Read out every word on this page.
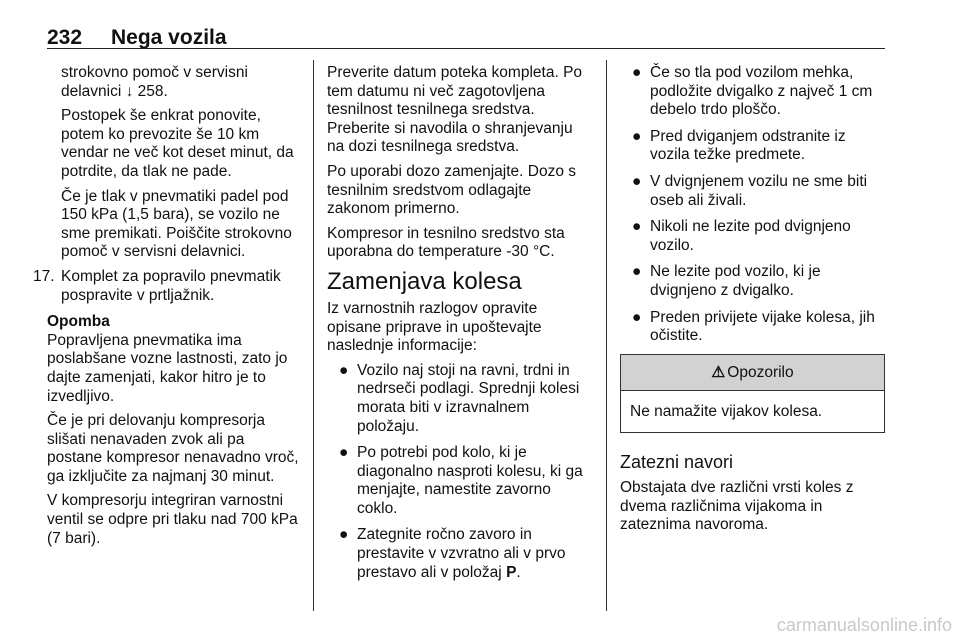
232 Nega vozila

strokovno pomoč v servisni delavnici ↓ 258.

Postopek še enkrat ponovite, potem ko prevozite še 10 km vendar ne več kot deset minut, da potrdite, da tlak ne pade.

Če je tlak v pnevmatiki padel pod 150 kPa (1,5 bara), se vozilo ne sme premikati. Poiščite strokovno pomoč v servisni delavnici.

17. Komplet za popravilo pnevmatik pospravite v prtljažnik.

Opomba

Popravljena pnevmatika ima poslabšane vozne lastnosti, zato jo dajte zamenjati, kakor hitro je to izvedljivo.

Če je pri delovanju kompresorja slišati nenavaden zvok ali pa postane kompresor nenavadno vroč, ga izključite za najmanj 30 minut.

V kompresorju integriran varnostni ventil se odpre pri tlaku nad 700 kPa (7 bari).

Preverite datum poteka kompleta. Po tem datumu ni več zagotovljena tesnilnost tesnilnega sredstva. Preberite si navodila o shranjevanju na dozi tesnilnega sredstva.

Po uporabi dozo zamenjajte. Dozo s tesnilnim sredstvom odlagajte zakonom primerno.

Kompresor in tesnilno sredstvo sta uporabna do temperature -30 °C.

Zamenjava kolesa

Iz varnostnih razlogov opravite opisane priprave in upoštevajte naslednje informacije:

● Vozilo naj stoji na ravni, trdni in nedrseči podlagi. Sprednji kolesi morata biti v izravnalnem položaju.
● Po potrebi pod kolo, ki je diagonalno nasproti kolesu, ki ga menjajte, namestite zavorno coklo.
● Zategnite ročno zavoro in prestavite v vzvratno ali v prvo prestavo ali v položaj P.
● Če so tla pod vozilom mehka, podložite dvigalko z največ 1 cm debelo trdo ploščo.
● Pred dviganjem odstranite iz vozila težke predmete.
● V dvignjenem vozilu ne sme biti oseb ali živali.
● Nikoli ne lezite pod dvignjeno vozilo.
● Ne lezite pod vozilo, ki je dvignjeno z dvigalko.
● Preden privijete vijake kolesa, jih očistite.
⚠ Opozorilo
Ne namažite vijakov kolesa.
Zatezni navori

Obstajata dve različni vrsti koles z dvema različnima vijakoma in zateznima navoroma.

carmanualsonline.info
